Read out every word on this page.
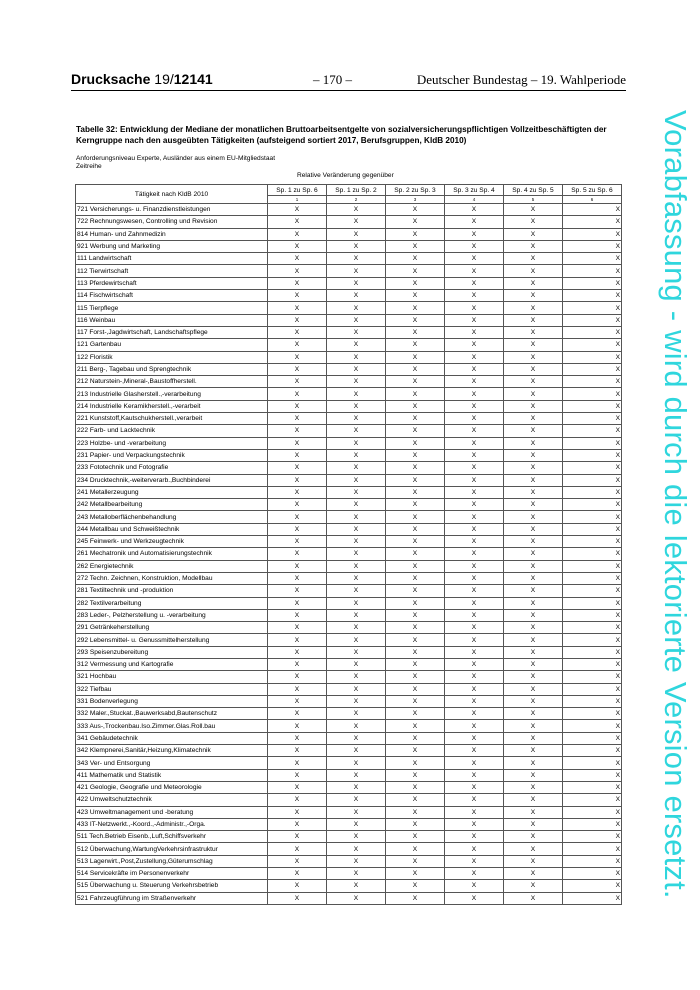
Drucksache 19/12141	– 170 –	Deutscher Bundestag – 19. Wahlperiode
Tabelle 32: Entwicklung der Mediane der monatlichen Bruttoarbeitsentgelte von sozialversicherungspflichtigen Vollzeitbeschäftigten der Kerngruppe nach den ausgeübten Tätigkeiten (aufsteigend sortiert 2017, Berufsgruppen, KldB 2010)
Anforderungsniveau Experte, Ausländer aus einem EU-Mitgliedstaat
Zeitreihe
Relative Veränderung gegenüber
Tätigkeit nach KldB 2010	Sp. 1 zu Sp. 6	Sp. 1 zu Sp. 2	Sp. 2 zu Sp. 3	Sp. 3 zu Sp. 4	Sp. 4 zu Sp. 5	Sp. 5 zu Sp. 6
	1	2	3	4	5	6
721 Versicherungs- u. Finanzdienstleistungen	X	X	X	X	X	X
722 Rechnungswesen, Controlling und Revision	X	X	X	X	X	X
814 Human- und Zahnmedizin	X	X	X	X	X	X
921 Werbung und Marketing	X	X	X	X	X	X
111 Landwirtschaft	X	X	X	X	X	X
112 Tierwirtschaft	X	X	X	X	X	X
113 Pferdewirtschaft	X	X	X	X	X	X
114 Fischwirtschaft	X	X	X	X	X	X
115 Tierpflege	X	X	X	X	X	X
116 Weinbau	X	X	X	X	X	X
117 Forst-,Jagdwirtschaft, Landschaftspflege	X	X	X	X	X	X
121 Gartenbau	X	X	X	X	X	X
122 Floristik	X	X	X	X	X	X
211 Berg-, Tagebau und Sprengtechnik	X	X	X	X	X	X
212 Naturstein-,Mineral-,Baustoffherstell.	X	X	X	X	X	X
213 Industrielle Glasherstell.,-verarbeitung	X	X	X	X	X	X
214 Industrielle Keramikherstell.,-verarbeit	X	X	X	X	X	X
221 Kunststoff,Kautschukherstell.,verarbeit	X	X	X	X	X	X
222 Farb- und Lacktechnik	X	X	X	X	X	X
223 Holzbe- und -verarbeitung	X	X	X	X	X	X
231 Papier- und Verpackungstechnik	X	X	X	X	X	X
233 Fototechnik und Fotografie	X	X	X	X	X	X
234 Drucktechnik,-weiterverarb.,Buchbinderei	X	X	X	X	X	X
241 Metallerzeugung	X	X	X	X	X	X
242 Metallbearbeitung	X	X	X	X	X	X
243 Metalloberflächenbehandlung	X	X	X	X	X	X
244 Metallbau und Schweißtechnik	X	X	X	X	X	X
245 Feinwerk- und Werkzeugtechnik	X	X	X	X	X	X
261 Mechatronik und Automatisierungstechnik	X	X	X	X	X	X
262 Energietechnik	X	X	X	X	X	X
272 Techn. Zeichnen, Konstruktion, Modellbau	X	X	X	X	X	X
281 Textiltechnik und -produktion	X	X	X	X	X	X
282 Textilverarbeitung	X	X	X	X	X	X
283 Leder-, Pelzherstellung u. -verarbeitung	X	X	X	X	X	X
291 Getränkeherstellung	X	X	X	X	X	X
292 Lebensmittel- u. Genussmittelherstellung	X	X	X	X	X	X
293 Speisenzubereitung	X	X	X	X	X	X
312 Vermessung und Kartografie	X	X	X	X	X	X
321 Hochbau	X	X	X	X	X	X
322 Tiefbau	X	X	X	X	X	X
331 Bodenverlegung	X	X	X	X	X	X
332 Maler.,Stuckat.,Bauwerksabd,Bautenschutz	X	X	X	X	X	X
333 Aus-,Trockenbau.Iso.Zimmer.Glas.Roll.bau	X	X	X	X	X	X
341 Gebäudetechnik	X	X	X	X	X	X
342 Klempnerei,Sanitär,Heizung,Klimatechnik	X	X	X	X	X	X
343 Ver- und Entsorgung	X	X	X	X	X	X
411 Mathematik und Statistik	X	X	X	X	X	X
421 Geologie, Geografie und Meteorologie	X	X	X	X	X	X
422 Umweltschutztechnik	X	X	X	X	X	X
423 Umweltmanagement und -beratung	X	X	X	X	X	X
433 IT-Netzwerkt.,-Koord.,-Administr.,-Orga.	X	X	X	X	X	X
511 Tech.Betrieb Eisenb.,Luft,Schiffsverkehr	X	X	X	X	X	X
512 Überwachung,WartungVerkehrsinfrastruktur	X	X	X	X	X	X
513 Lagerwirt.,Post,Zustellung,Güterumschlag	X	X	X	X	X	X
514 Servicekräfte im Personenverkehr	X	X	X	X	X	X
515 Überwachung u. Steuerung Verkehrsbetrieb	X	X	X	X	X	X
521 Fahrzeugführung im Straßenverkehr	X	X	X	X	X	X	Vorabfassung - wird durch die lektorierte Version ersetzt.
